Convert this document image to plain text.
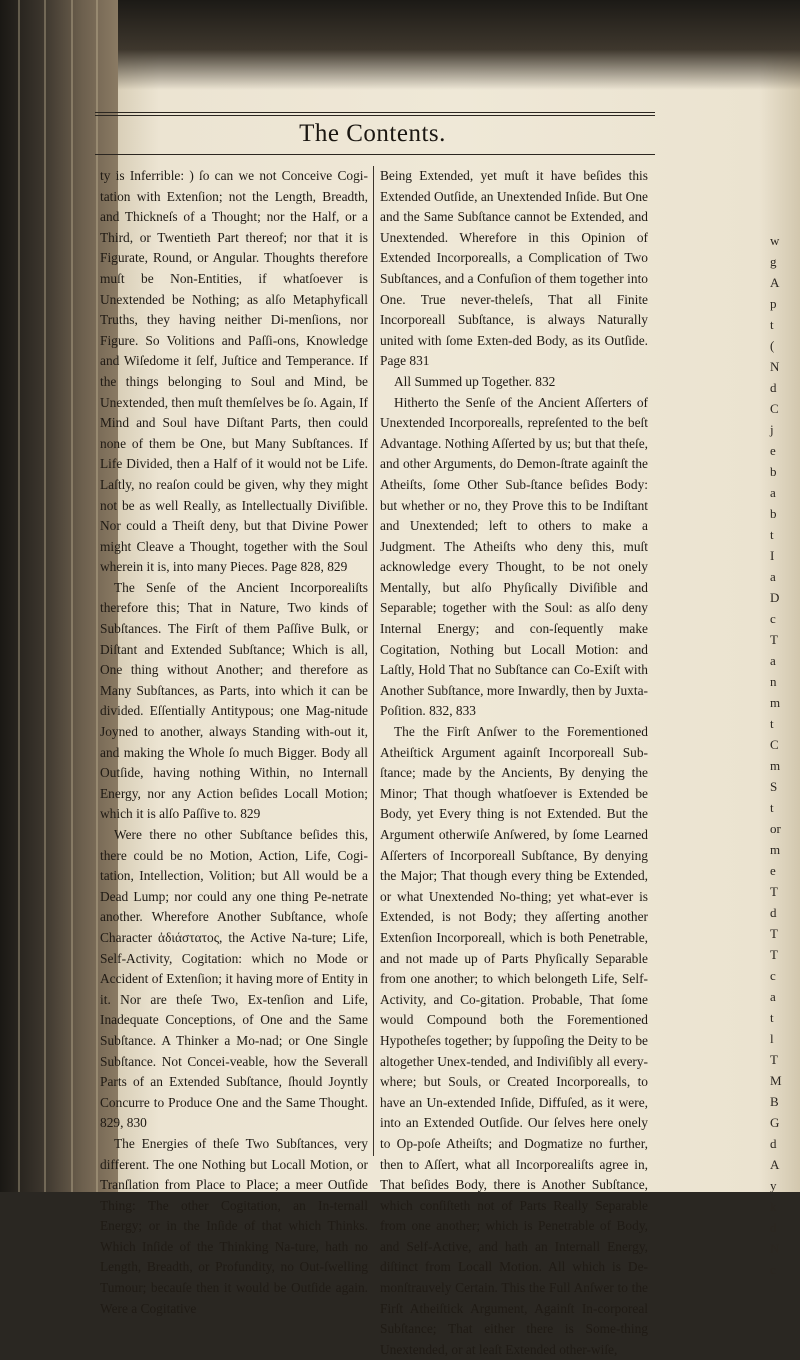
w
g
A
p
t
(
N
d
C
j
e
b
a
b
t
I
a
D
c
T
a
n
m
t
C
m
S
t
or
m
e
T
d
T
T
c
a
t
l
T
M
B
G
d
A
y
k
d
N
c
The Contents.

ty is Inferrible: ) ſo can we not Conceive Cogi-tation with Extenſion; not the Length, Breadth, and Thickneſs of a Thought; nor the Half, or a Third, or Twentieth Part thereof; nor that it is Figurate, Round, or Angular. Thoughts therefore muſt be Non-Entities, if whatſoever is Unextended be Nothing; as alſo Metaphyficall Truths, they having neither Di-menſions, nor Figure. So Volitions and Paſſi-ons, Knowledge and Wiſedome it ſelf, Juſtice and Temperance. If the things belonging to Soul and Mind, be Unextended, then muſt themſelves be ſo. Again, If Mind and Soul have Diſtant Parts, then could none of them be One, but Many Subſtances. If Life Divided, then a Half of it would not be Life. Laſtly, no reaſon could be given, why they might not be as well Really, as Intellectually Diviſible. Nor could a Theiſt deny, but that Divine Power might Cleave a Thought, together with the Soul wherein it is, into many Pieces. Page 828, 829

The Senſe of the Ancient Incorporealiſts therefore this; That in Nature, Two kinds of Subſtances. The Firſt of them Paſſive Bulk, or Diſtant and Extended Subſtance; Which is all, One thing without Another; and therefore as Many Subſtances, as Parts, into which it can be divided. Eſſentially Antitypous; one Mag-nitude Joyned to another, always Standing with-out it, and making the Whole ſo much Bigger. Body all Outſide, having nothing Within, no Internall Energy, nor any Action beſides Locall Motion; which it is alſo Paſſive to. 829

Were there no other Subſtance beſides this, there could be no Motion, Action, Life, Cogi-tation, Intellection, Volition; but All would be a Dead Lump; nor could any one thing Pe-netrate another. Wherefore Another Subſtance, whoſe Character ἀδιάστατος, the Active Na-ture; Life, Self-Activity, Cogitation: which no Mode or Accident of Extenſion; it having more of Entity in it. Nor are theſe Two, Ex-tenſion and Life, Inadequate Conceptions, of One and the Same Subſtance. A Thinker a Mo-nad; or One Single Subſtance. Not Concei-veable, how the Severall Parts of an Extended Subſtance, ſhould Joyntly Concurre to Produce One and the Same Thought. 829, 830

The Energies of theſe Two Subſtances, very different. The one Nothing but Locall Motion, or Tranſlation from Place to Place; a meer Outſide Thing: The other Cogitation, an In-ternall Energy; or in the Inſide of that which Thinks. Which Inſide of the Thinking Na-ture, hath no Length, Breadth, or Profundity, no Out-ſwelling Tumour; becauſe then it would be Outſide again. Were a Cogitative

Being Extended, yet muſt it have beſides this Extended Outſide, an Unextended Inſide. But One and the Same Subſtance cannot be Extended, and Unextended. Wherefore in this Opinion of Extended Incorporealls, a Complication of Two Subſtances, and a Confuſion of them together into One. True never-theleſs, That all Finite Incorporeall Subſtance, is always Naturally united with ſome Exten-ded Body, as its Outſide. Page 831

All Summed up Together. 832

Hitherto the Senſe of the Ancient Aſſerters of Unextended Incorporealls, repreſented to the beſt Advantage. Nothing Aſſerted by us; but that theſe, and other Arguments, do Demon-ſtrate againſt the Atheiſts, ſome Other Sub-ſtance beſides Body: but whether or no, they Prove this to be Indiſtant and Unextended; left to others to make a Judgment. The Atheiſts who deny this, muſt acknowledge every Thought, to be not onely Mentally, but alſo Phyſically Diviſible and Separable; together with the Soul: as alſo deny Internal Energy; and con-ſequently make Cogitation, Nothing but Locall Motion: and Laſtly, Hold That no Subſtance can Co-Exiſt with Another Subſtance, more Inwardly, then by Juxta-Poſition. 832, 833

The the Firſt Anſwer to the Forementioned Atheiſtick Argument againſt Incorporeall Sub-ſtance; made by the Ancients, By denying the Minor; That though whatſoever is Extended be Body, yet Every thing is not Extended. But the Argument otherwiſe Anſwered, by ſome Learned Aſſerters of Incorporeall Subſtance, By denying the Major; That though every thing be Extended, or what Unextended No-thing; yet what-ever is Extended, is not Body; they aſſerting another Extenſion Incorporeall, which is both Penetrable, and not made up of Parts Phyſically Separable from one another; to which belongeth Life, Self-Activity, and Co-gitation. Probable, That ſome would Compound both the Forementioned Hypotheſes together; by ſuppoſing the Deity to be altogether Unex-tended, and Indiviſibly all every-where; but Souls, or Created Incorporealls, to have an Un-extended Inſide, Diffuſed, as it were, into an Extended Outſide. Our ſelves here onely to Op-poſe Atheiſts; and Dogmatize no further, then to Aſſert, what all Incorporealiſts agree in, That beſides Body, there is Another Subſtance, which conſiſteth not of Parts Really Separable from one another; which is Penetrable of Body, and Self-Active, and hath an Internall Energy, diſtinct from Locall Motion. All which is De-monſtrauvely Certain. This the Full Anſwer to the Firſt Atheiſtick Argument, Againſt In-corporeal Subſtance; That either there is Some-thing Unextended, or at leaſt Extended other-wiſe,
